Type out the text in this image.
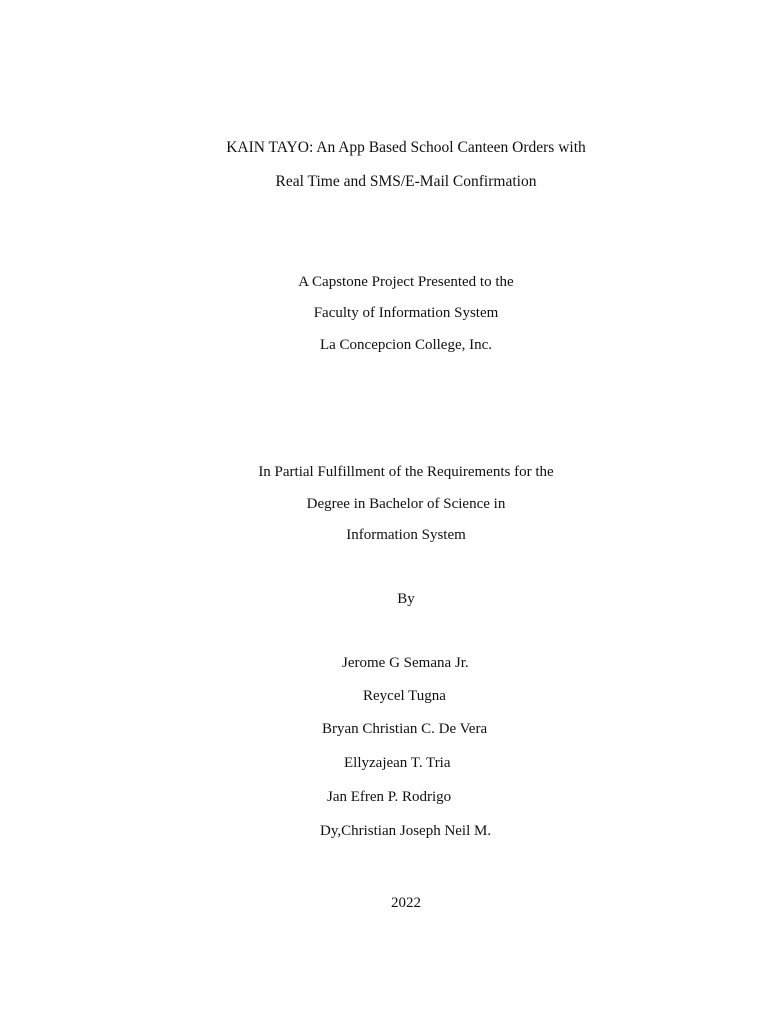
KAIN TAYO: An App Based School Canteen Orders with
Real Time and SMS/E-Mail Confirmation
A Capstone Project Presented to the
Faculty of Information System
La Concepcion College, Inc.
In Partial Fulfillment of the Requirements for the
Degree in Bachelor of Science in
Information System
By
Jerome G Semana Jr.
Reycel Tugna
Bryan Christian C. De Vera
Ellyzajean T. Tria
Jan Efren P. Rodrigo
Dy,Christian Joseph Neil M.
2022
